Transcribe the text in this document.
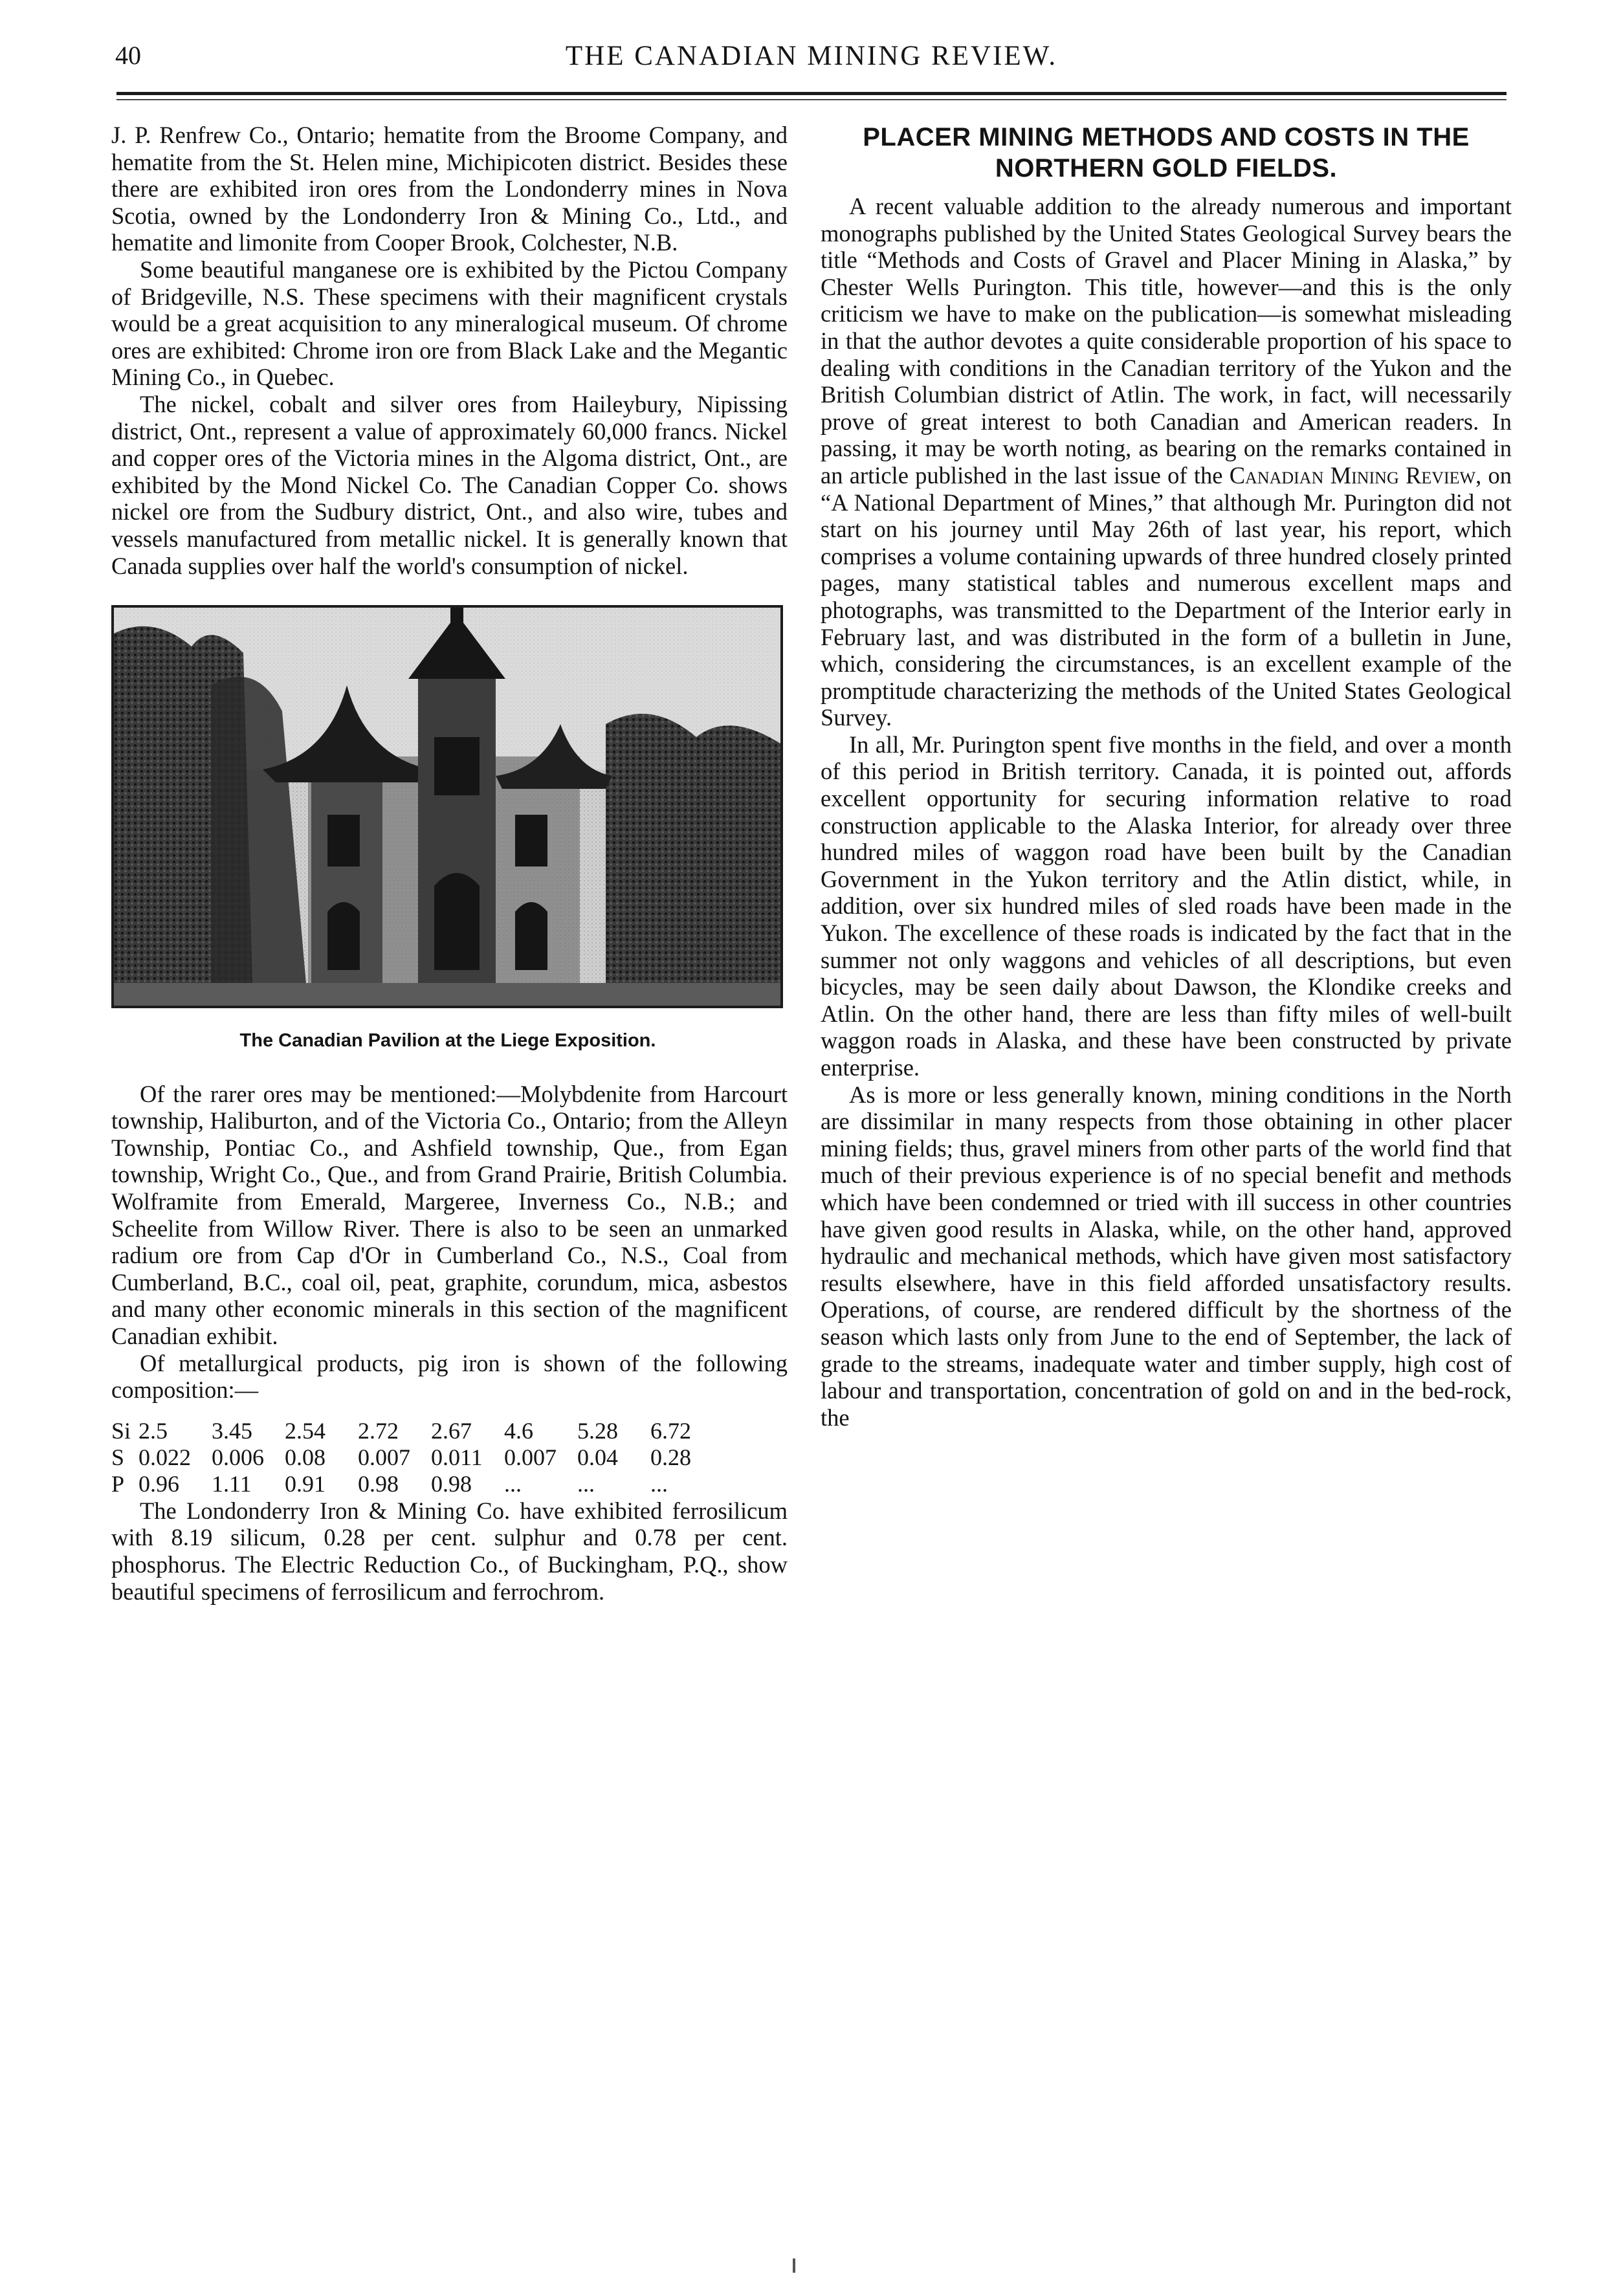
40	THE CANADIAN MINING REVIEW.

J. P. Renfrew Co., Ontario; hematite from the Broome Company, and hematite from the St. Helen mine, Michipicoten district. Besides these there are exhibited iron ores from the Londonderry mines in Nova Scotia, owned by the Londonderry Iron & Mining Co., Ltd., and hematite and limonite from Cooper Brook, Colchester, N.B.

Some beautiful manganese ore is exhibited by the Pictou Company of Bridgeville, N.S. These specimens with their magnificent crystals would be a great acquisition to any mineralogical museum. Of chrome ores are exhibited: Chrome iron ore from Black Lake and the Megantic Mining Co., in Quebec.

The nickel, cobalt and silver ores from Haileybury, Nipissing district, Ont., represent a value of approximately 60,000 francs. Nickel and copper ores of the Victoria mines in the Algoma district, Ont., are exhibited by the Mond Nickel Co. The Canadian Copper Co. shows nickel ore from the Sudbury district, Ont., and also wire, tubes and vessels manufactured from metallic nickel. It is generally known that Canada supplies over half the world's consumption of nickel.

The Canadian Pavilion at the Liege Exposition.

Of the rarer ores may be mentioned:—Molybdenite from Harcourt township, Haliburton, and of the Victoria Co., Ontario; from the Alleyn Township, Pontiac Co., and Ashfield township, Que., from Egan township, Wright Co., Que., and from Grand Prairie, British Columbia. Wolframite from Emerald, Margeree, Inverness Co., N.B.; and Scheelite from Willow River. There is also to be seen an unmarked radium ore from Cap d'Or in Cumberland Co., N.S., Coal from Cumberland, B.C., coal oil, peat, graphite, corundum, mica, asbestos and many other economic minerals in this section of the magnificent Canadian exhibit.

Of metallurgical products, pig iron is shown of the following composition:—

Si 2.5	3.45	2.54	2.72	2.67	4.6	5.28	6.72
S 0.022 0.006 0.08	0.007 0.011 0.007 0.04	0.28
P 0.96	1.11	0.91	0.98	0.98	...	...	...

The Londonderry Iron & Mining Co. have exhibited ferrosilicum with 8.19 silicum, 0.28 per cent. sulphur and 0.78 per cent. phosphorus. The Electric Reduction Co., of Buckingham, P.Q., show beautiful specimens of ferrosilicum and ferrochrom.

PLACER MINING METHODS AND COSTS IN THE NORTHERN GOLD FIELDS.

A recent valuable addition to the already numerous and important monographs published by the United States Geological Survey bears the title “Methods and Costs of Gravel and Placer Mining in Alaska,” by Chester Wells Purington. This title, however—and this is the only criticism we have to make on the publication—is somewhat misleading in that the author devotes a quite considerable proportion of his space to dealing with conditions in the Canadian territory of the Yukon and the British Columbian district of Atlin. The work, in fact, will necessarily prove of great interest to both Canadian and American readers. In passing, it may be worth noting, as bearing on the remarks contained in an article published in the last issue of the Canadian Mining Review, on “A National Department of Mines,” that although Mr. Purington did not start on his journey until May 26th of last year, his report, which comprises a volume containing upwards of three hundred closely printed pages, many statistical tables and numerous excellent maps and photographs, was transmitted to the Department of the Interior early in February last, and was distributed in the form of a bulletin in June, which, considering the circumstances, is an excellent example of the promptitude characterizing the methods of the United States Geological Survey.

In all, Mr. Purington spent five months in the field, and over a month of this period in British territory. Canada, it is pointed out, affords excellent opportunity for securing information relative to road construction applicable to the Alaska Interior, for already over three hundred miles of waggon road have been built by the Canadian Government in the Yukon territory and the Atlin distict, while, in addition, over six hundred miles of sled roads have been made in the Yukon. The excellence of these roads is indicated by the fact that in the summer not only waggons and vehicles of all descriptions, but even bicycles, may be seen daily about Dawson, the Klondike creeks and Atlin. On the other hand, there are less than fifty miles of well-built waggon roads in Alaska, and these have been constructed by private enterprise.

As is more or less generally known, mining conditions in the North are dissimilar in many respects from those obtaining in other placer mining fields; thus, gravel miners from other parts of the world find that much of their previous experience is of no special benefit and methods which have been condemned or tried with ill success in other countries have given good results in Alaska, while, on the other hand, approved hydraulic and mechanical methods, which have given most satisfactory results elsewhere, have in this field afforded unsatisfactory results. Operations, of course, are rendered difficult by the shortness of the season which lasts only from June to the end of September, the lack of grade to the streams, inadequate water and timber supply, high cost of labour and transportation, concentration of gold on and in the bed-rock, the
